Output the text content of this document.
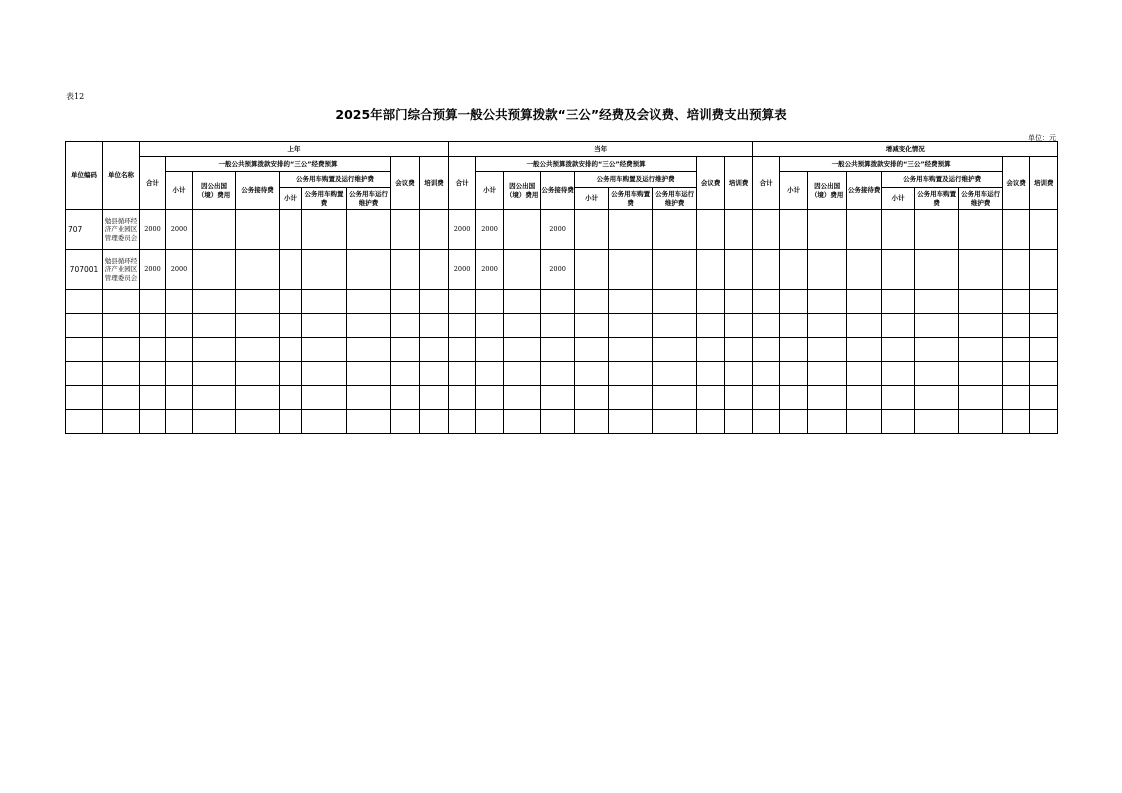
表12
2025年部门综合预算一般公共预算拨款“三公”经费及会议费、培训费支出预算表
单位：元
单位编码	单位名称	上年									当年									增减变化情况								
		合计	一般公共预算拨款安排的“三公”经费预算						会议费	培训费	合计	一般公共预算拨款安排的“三公”经费预算						会议费	培训费	合计	一般公共预算拨款安排的“三公”经费预算						会议费	培训费
			小计	因公出国（境）费用	公务接待费	公务用车购置及运行维护费						小计	因公出国（境）费用	公务接待费	公务用车购置及运行维护费						小计	因公出国（境）费用	公务接待费	公务用车购置及运行维护费				
						小计	公务用车购置费	公务用车运行维护费							小计	公务用车购置费	公务用车运行维护费							小计	公务用车购置费	公务用车运行维护费		
707	勉县循环经济产业园区管理委员会	2000	2000								2000	2000		2000														
707001	勉县循环经济产业园区管理委员会	2000	2000								2000	2000		2000														
